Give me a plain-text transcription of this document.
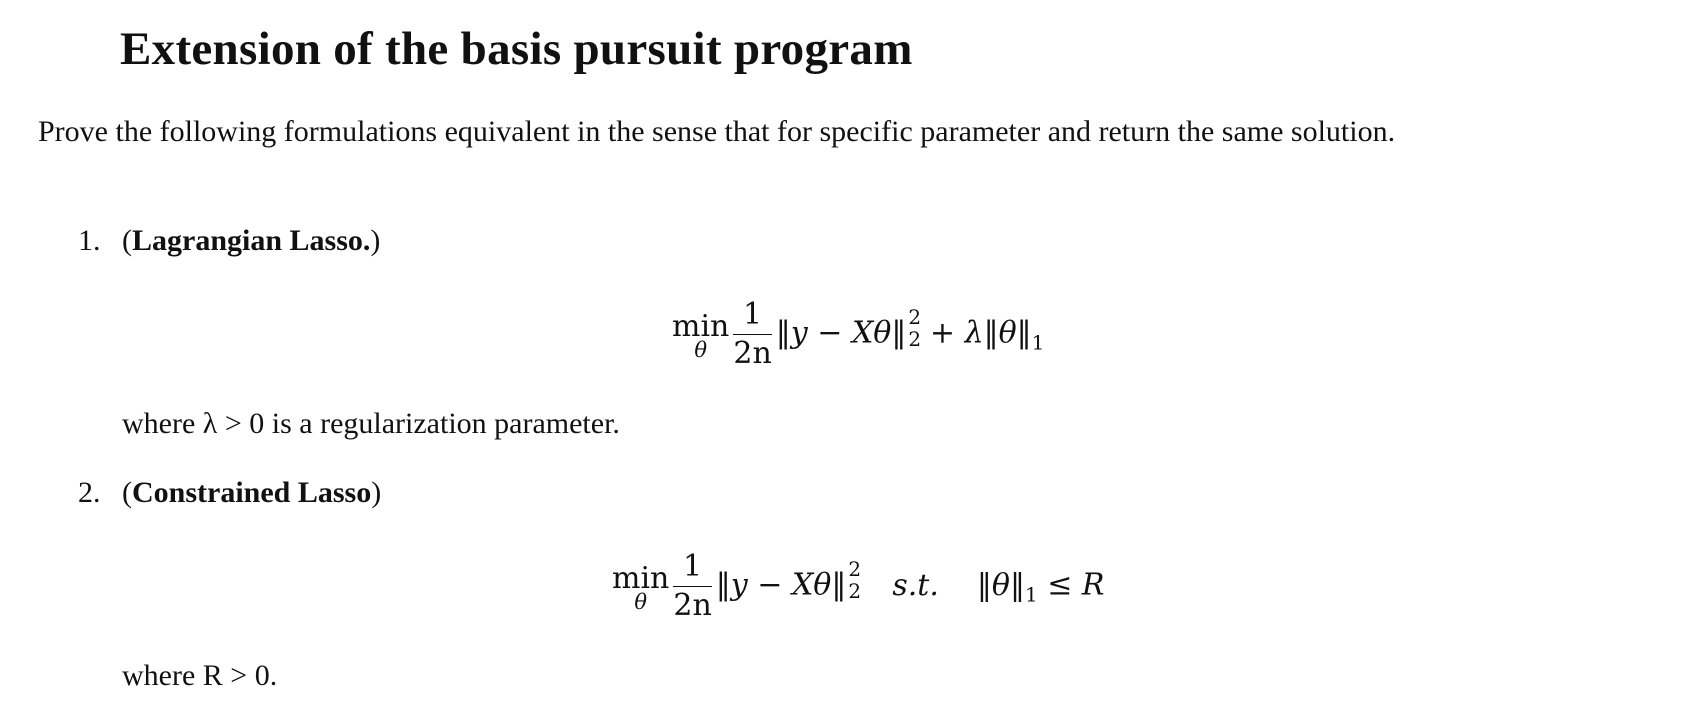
Extension of the basis pursuit program
Prove the following formulations equivalent in the sense that for specific parameter and return the same solution.
1. (Lagrangian Lasso.)
min
θ $\frac{1}{2n}$ ‖y − Xθ‖ 2
$2 + \lambda‖\theta‖_1$
where λ > 0 is a regularization parameter.
2. (Constrained Lasso)
min
θ $\frac{1}{2n}$ ‖y − Xθ‖ 2
2 s.t. $‖\theta‖_1 \le R$
where R > 0.
